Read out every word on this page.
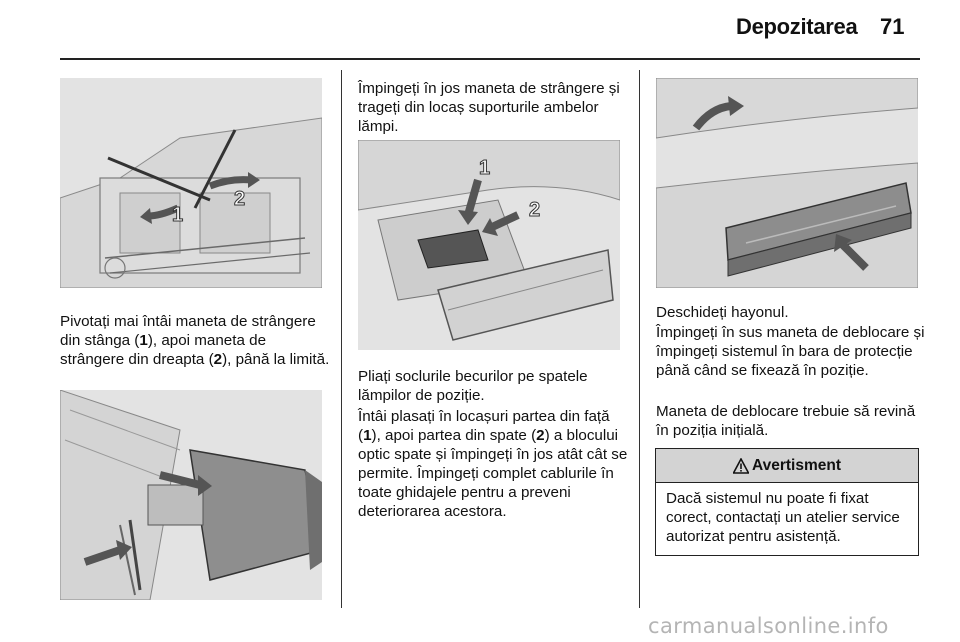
Depozitarea 71
1
2
Pivotați mai întâi maneta de strângere din stânga (1), apoi maneta de strângere din dreapta (2), până la limită.
Împingeți în jos maneta de strângere și trageți din locaș suporturile ambelor lămpi.
1
2
Pliați soclurile becurilor pe spatele lămpilor de poziție.
Întâi plasați în locașuri partea din față (1), apoi partea din spate (2) a blocului optic spate și împingeți în jos atât cât se permite. Împingeți complet cablurile în toate ghidajele pentru a preveni deteriorarea acestora.
Deschideți hayonul.
Împingeți în sus maneta de deblocare și împingeți sistemul în bara de protecție până când se fixează în poziție.
Maneta de deblocare trebuie să revină în poziția inițială.
Avertisment
Dacă sistemul nu poate fi fixat corect, contactați un atelier service autorizat pentru asistență.
carmanualsonline.info
